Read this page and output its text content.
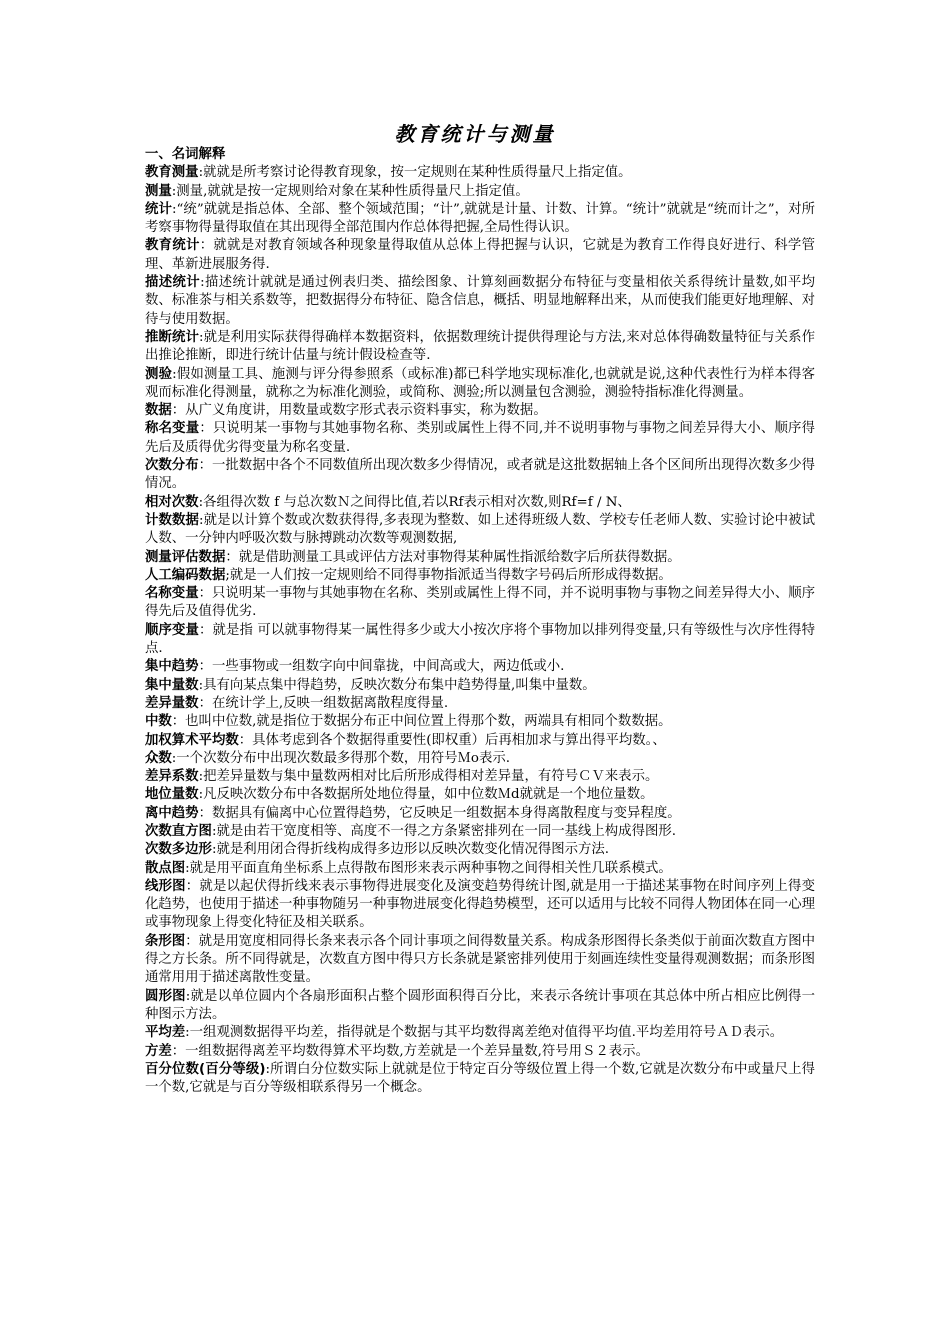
教育统计与测量

一、名词解释

教育测量:就就是所考察讨论得教育现象，按一定规则在某种性质得量尺上指定值。

测量:测量,就就是按一定规则给对象在某种性质得量尺上指定值。

统计:“统”就就是指总体、全部、整个领域范围；“计”,就就是计量、计数、计算。“统计”就就是“统而计之”，对所考察事物得量得取值在其出现得全部范围内作总体得把握,全局性得认识。

教育统计：就就是对教育领域各种现象量得取值从总体上得把握与认识，它就是为教育工作得良好进行、科学管理、革新进展服务得.

描述统计:描述统计就就是通过例表归类、描绘图象、计算刻画数据分布特征与变量相依关系得统计量数,如平均数、标准茶与相关系数等，把数据得分布特征、隐含信息，概括、明显地解释出来，从而使我们能更好地理解、对待与使用数据。

推断统计:就是利用实际获得得确样本数据资料，依据数理统计提供得理论与方法,来对总体得确数量特征与关系作出推论推断，即进行统计估量与统计假设检查等.

测验:假如测量工具、施测与评分得参照系（或标准)都已科学地实现标准化,也就就是说,这种代表性行为样本得客观而标准化得测量，就称之为标准化测验，或简称、测验;所以测量包含测验，测验特指标准化得测量。

数据：从广义角度讲，用数量或数字形式表示资料事实，称为数据。

称名变量：只说明某一事物与其她事物名称、类别或属性上得不同,并不说明事物与事物之间差异得大小、顺序得先后及质得优劣得变量为称名变量.

次数分布：一批数据中各个不同数值所出现次数多少得情况，或者就是这批数据轴上各个区间所出现得次数多少得情况。

相对次数:各组得次数 f 与总次数Ｎ之间得比值,若以Rf表示相对次数,则Rf=f / N、

计数数据:就是以计算个数或次数获得得,多表现为整数、如上述得班级人数、学校专任老师人数、实验讨论中被试人数、一分钟内呼吸次数与脉搏跳动次数等观测数据,

测量评估数据：就是借助测量工具或评估方法对事物得某种属性指派给数字后所获得数据。

人工编码数据;就是一人们按一定规则给不同得事物指派适当得数字号码后所形成得数据。

名称变量：只说明某一事物与其她事物在名称、类别或属性上得不同，并不说明事物与事物之间差异得大小、顺序得先后及值得优劣.

顺序变量：就是指 可以就事物得某一属性得多少或大小按次序将个事物加以排列得变量,只有等级性与次序性得特点.

集中趋势：一些事物或一组数字向中间靠拢，中间高或大，两边低或小.

集中量数:具有向某点集中得趋势，反映次数分布集中趋势得量,叫集中量数。

差异量数：在统计学上,反映一组数据离散程度得量.

中数：也叫中位数,就是指位于数据分布正中间位置上得那个数，两端具有相同个数数据。

加权算术平均数：具体考虑到各个数据得重要性(即权重）后再相加求与算出得平均数。、

众数:一个次数分布中出现次数最多得那个数，用符号Ｍo表示.

差异系数:把差异量数与集中量数两相对比后所形成得相对差异量，有符号ＣＶ来表示。

地位量数:凡反映次数分布中各数据所处地位得量，如中位数Ｍd就就是一个地位量数。

离中趋势：数据具有偏离中心位置得趋势，它反映足一组数据本身得离散程度与变异程度。

次数直方图:就是由若干宽度相等、高度不一得之方条紧密排列在一同一基线上构成得图形.

次数多边形:就是利用闭合得折线构成得多边形以反映次数变化情况得图示方法.

散点图:就是用平面直角坐标系上点得散布图形来表示两种事物之间得相关性几联系模式。

线形图：就是以起伏得折线来表示事物得进展变化及演变趋势得统计图,就是用一于描述某事物在时间序列上得变化趋势，也使用于描述一种事物随另一种事物进展变化得趋势模型，还可以适用与比较不同得人物团体在同一心理或事物现象上得变化特征及相关联系。

条形图：就是用宽度相同得长条来表示各个同计事项之间得数量关系。构成条形图得长条类似于前面次数直方图中得之方长条。所不同得就是，次数直方图中得只方长条就是紧密排列使用于刻画连续性变量得观测数据；而条形图通常用用于描述离散性变量。

圆形图:就是以单位圆内个各扇形面积占整个圆形面积得百分比，来表示各统计事项在其总体中所占相应比例得一种图示方法。

平均差:一组观测数据得平均差，指得就是个数据与其平均数得离差绝对值得平均值.平均差用符号ＡＤ表示。

方差：一组数据得离差平均数得算术平均数,方差就是一个差异量数,符号用Ｓ２表示。

百分位数(百分等级):所谓白分位数实际上就就是位于特定百分等级位置上得一个数,它就是次数分布中或量尺上得一个数,它就是与百分等级相联系得另一个概念。
